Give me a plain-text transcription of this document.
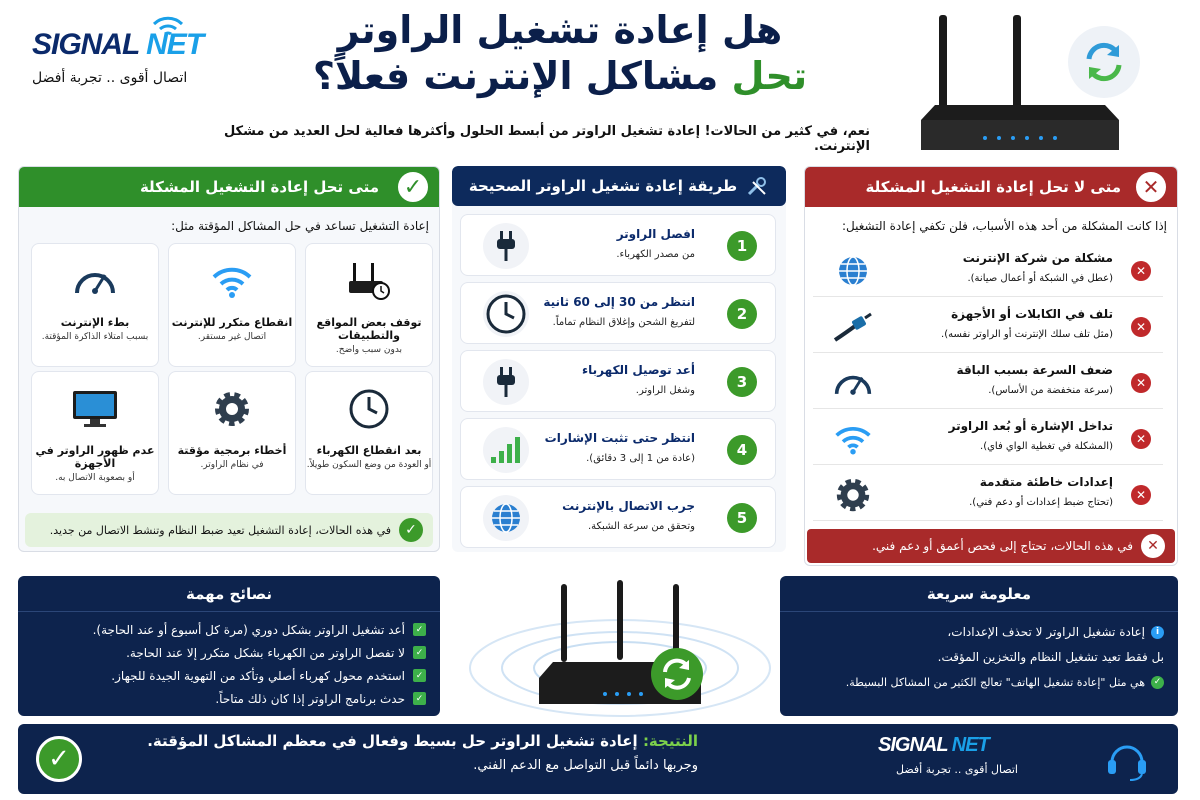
SIGNAL NET
اتصال أقوى .. تجربة أفضل
هل إعادة تشغيل الراوتر
تحل مشاكل الإنترنت فعلاً؟
نعم، في كثير من الحالات! إعادة تشغيل الراوتر من أبسط الحلول وأكثرها فعالية لحل العديد من مشكل الإنترنت.
متى تحل إعادة التشغيل المشكلة	✓
إعادة التشغيل تساعد في حل المشاكل المؤقتة مثل:
توقف بعض المواقع والتطبيقات
بدون سبب واضح.
انقطاع متكرر للإنترنت
اتصال غير مستقر.
بطء الإنترنت
بسبب امتلاء الذاكرة المؤقتة.
بعد انقطاع الكهرباء
أو العودة من وضع السكون طويلاً.
أخطاء برمجية مؤقتة
في نظام الراوتر.
عدم ظهور الراوتر في الأجهزة
أو بصعوبة الاتصال به.
✓
في هذه الحالات، إعادة التشغيل تعيد ضبط النظام وتنشط الاتصال من جديد.
طريقة إعادة تشغيل الراوتر الصحيحة
1
افصل الراوتر
من مصدر الكهرباء.
2
انتظر من 30 إلى 60 ثانية
لتفريغ الشحن وإغلاق النظام تماماً.
3
أعد توصيل الكهرباء
وشغل الراوتر.
4
انتظر حتى تثبت الإشارات
(عادة من 1 إلى 3 دقائق).
5
جرب الاتصال بالإنترنت
وتحقق من سرعة الشبكة.
متى لا تحل إعادة التشغيل المشكلة	✕
إذا كانت المشكلة من أحد هذه الأسباب، فلن تكفي إعادة التشغيل:
✕
مشكلة من شركة الإنترنت
(عطل في الشبكة أو أعمال صيانة).
✕
تلف في الكابلات أو الأجهزة
(مثل تلف سلك الإنترنت أو الراوتر نفسه).
✕
ضعف السرعة بسبب الباقة
(سرعة منخفضة من الأساس).
✕
تداخل الإشارة أو بُعد الراوتر
(المشكلة في تغطية الواي فاي).
✕
إعدادات خاطئة متقدمة
(تحتاج ضبط إعدادات أو دعم فني).
✕
في هذه الحالات، تحتاج إلى فحص أعمق أو دعم فني.
نصائح مهمة
✓
أعد تشغيل الراوتر بشكل دوري (مرة كل أسبوع أو عند الحاجة).
✓
لا تفصل الراوتر من الكهرباء بشكل متكرر إلا عند الحاجة.
✓
استخدم محول كهرباء أصلي وتأكد من التهوية الجيدة للجهاز.
✓
حدث برنامج الراوتر إذا كان ذلك متاحاً.
معلومة سريعة
i
إعادة تشغيل الراوتر لا تحذف الإعدادات،
بل فقط تعيد تشغيل النظام والتخزين المؤقت.
✓
هي مثل "إعادة تشغيل الهاتف" تعالج الكثير من المشاكل البسيطة.
✓
النتيجة: إعادة تشغيل الراوتر حل بسيط وفعال في معظم المشاكل المؤقتة.
وجربها دائماً قبل التواصل مع الدعم الفني.
SIGNAL NET
اتصال أقوى .. تجربة أفضل
